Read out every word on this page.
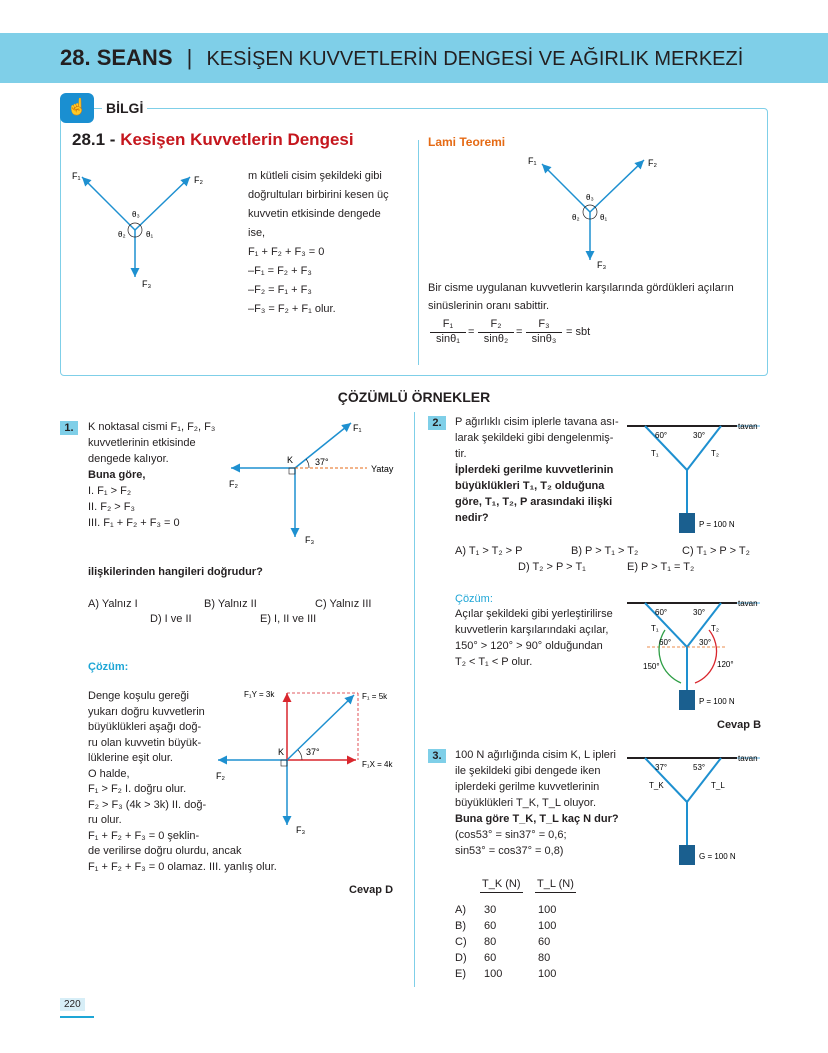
28. SEANS | KESİŞEN KUVVETLERİN DENGESİ VE AĞIRLIK MERKEZİ
☝	BİLGİ
28.1 - Kesişen Kuvvetlerin Dengesi
F₁	F₂
F₃
θ₃
θ₂	θ₁
m kütleli cisim şekildeki gibi
doğrultuları birbirini kesen üç
kuvvetin etkisinde dengede
ise,
F₁ + F₂ + F₃ = 0
–F₁ = F₂ + F₃
–F₂ = F₁ + F₃
–F₃ = F₂ + F₁ olur.
Lami Teoremi
F₁	F₂
F₃
θ₃
θ₂	θ₁
Bir cisme uygulanan kuvvetlerin karşılarında gördükleri açıların
sinüslerinin oranı sabittir.
$\frac{\text{F₁}}{\text{sinθ₁}} = \frac{\text{F₂}}{\text{sinθ₂}} = \frac{\text{F₃}}{\text{sinθ₃}}$ = sbt
ÇÖZÜMLÜ ÖRNEKLER
1.	K noktasal cismi F₁, F₂, F₃
kuvvetlerinin etkisinde
dengede kalıyor.
Buna göre,
I. F₁ > F₂
II. F₂ > F₃
III. F₁ + F₂ + F₃ = 0
K 37°
Yatay
F₁
F₂
F₃
ilişkilerinden hangileri doğrudur?
A) Yalnız I	B) Yalnız II	C) Yalnız III
D) I ve II	E) I, II ve III
Çözüm:
Denge koşulu gereği
yukarı doğru kuvvetlerin
büyüklükleri aşağı doğ-
ru olan kuvvetin büyük-
lüklerine eşit olur.
O halde,
F₁ > F₂ I. doğru olur.
F₂ > F₃ (4k > 3k) II. doğ-
ru olur.
F₁ + F₂ + F₃ = 0 şeklin-
de verilirse doğru olurdu, ancak
F₁ + F₂ + F₃ = 0 olamaz. III. yanlış olur.
F₁Y = 3k	F₁ = 5k
F₁X = 4k
K 37°
F₂
F₃
Cevap D
2.	P ağırlıklı cisim iplerle tavana ası-
larak şekildeki gibi dengelenmiş-
tir.
İplerdeki gerilme kuvvetlerinin
büyüklükleri T₁, T₂ olduğuna
göre, T₁, T₂, P arasındaki ilişki
nedir?
tavan
60°	30°
T₁	T₂
P = 100 N
A) T₁ > T₂ > P	B) P > T₁ > T₂	C) T₁ > P > T₂
D) T₂ > P > T₁	E) P > T₁ = T₂
Çözüm:
Açılar şekildeki gibi yerleştirilirse
kuvvetlerin karşılarındaki açılar,
150° > 120° > 90° olduğundan
T₂ < T₁ < P olur.
tavan
60°	30°
60°	30°
150°	120°
T₁	T₂
P = 100 N
Cevap B
3.	100 N ağırlığında cisim K, L ipleri
ile şekildeki gibi dengede iken
iplerdeki gerilme kuvvetlerinin
büyüklükleri T_K, T_L oluyor.
Buna göre T_K, T_L kaç N dur?
(cos53° = sin37° = 0,6;
sin53° = cos37° = 0,8)
tavan
37°	53°
T_K	T_L
G = 100 N
T_K (N) T_L (N)
A) 30	100
B) 60	100
C) 80	60
D) 60	80
E) 100	100
220
